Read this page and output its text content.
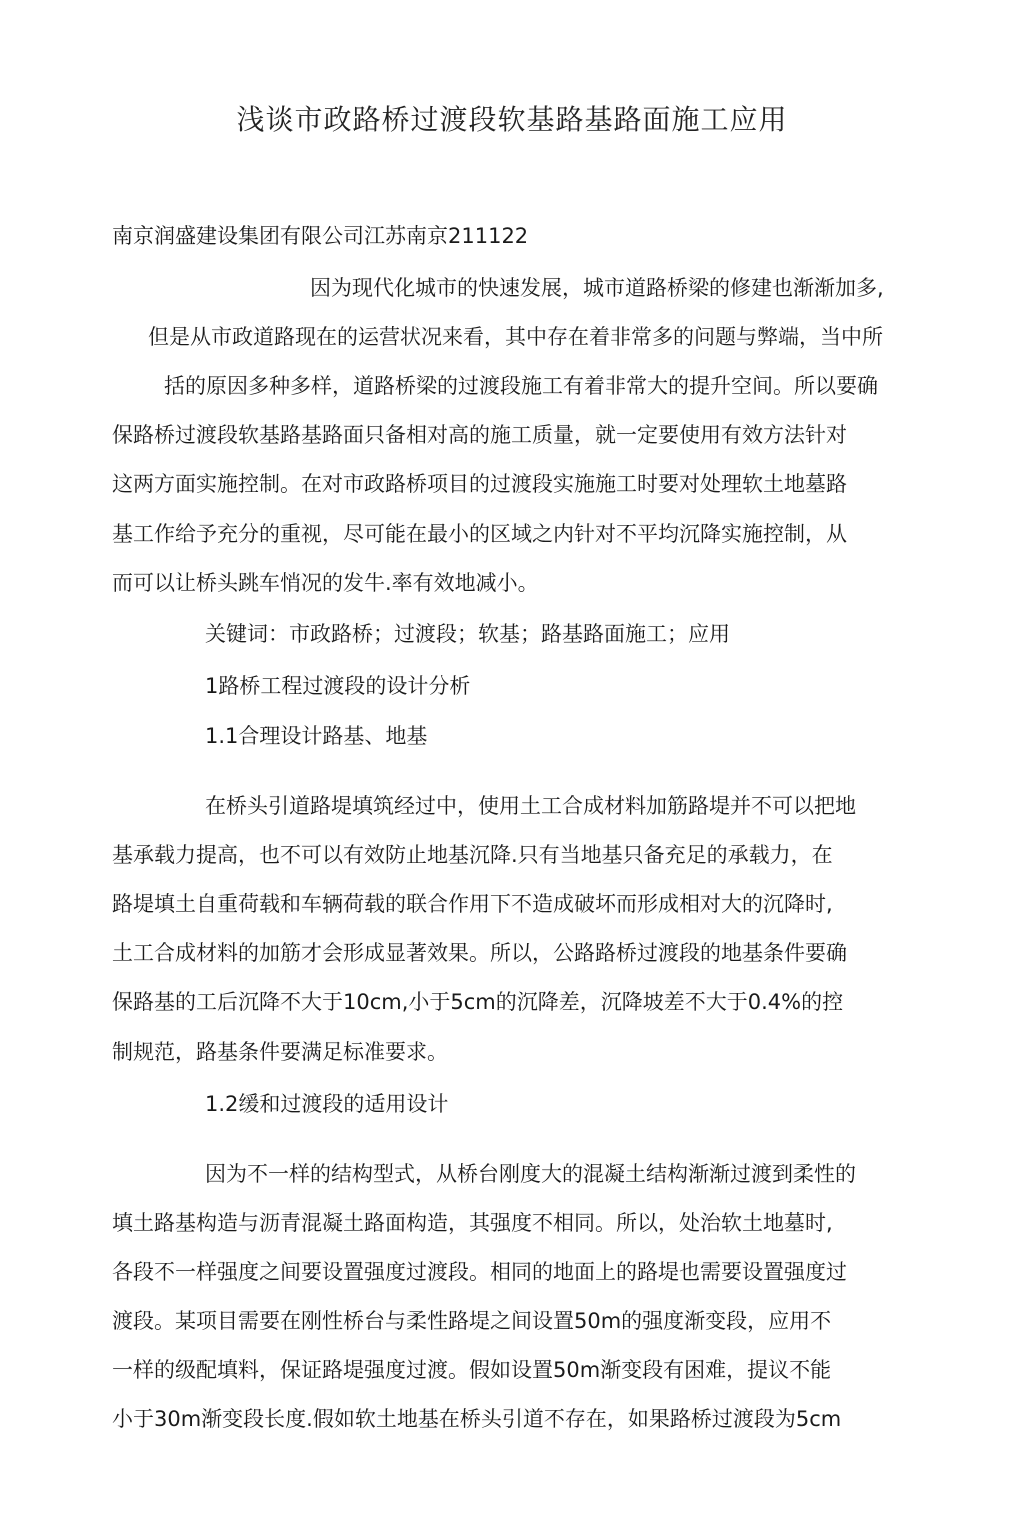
浅谈市政路桥过渡段软基路基路面施工应用
南京润盛建设集团有限公司江苏南京211122
因为现代化城市的快速发展，城市道路桥梁的修建也渐渐加多,
但是从市政道路现在的运营状况来看，其中存在着非常多的问题与弊端，当中所
括的原因多种多样，道路桥梁的过渡段施工有着非常大的提升空间。所以要确
保路桥过渡段软基路基路面只备相对高的施工质量，就一定要使用有效方法针对
这两方面实施控制。在对市政路桥项目的过渡段实施施工时要对处理软土地墓路
基工作给予充分的重视，尽可能在最小的区域之内针对不平均沉降实施控制，从
而可以让桥头跳车悄况的发牛.率有效地减小。
关键词：市政路桥；过渡段；软基；路基路面施工；应用
1路桥工程过渡段的设计分析
1.1合理设计路基、地基
在桥头引道路堤填筑经过中，使用土工合成材料加筋路堤并不可以把地
基承载力提高，也不可以有效防止地基沉降.只有当地基只备充足的承载力，在
路堤填土自重荷载和车辆荷载的联合作用下不造成破坏而形成相对大的沉降时,
土工合成材料的加筋才会形成显著效果。所以，公路路桥过渡段的地基条件要确
保路基的工后沉降不大于10cm,小于5cm的沉降差，沉降坡差不大于0.4%的控
制规范，路基条件要满足标准要求。
1.2缓和过渡段的适用设计
因为不一样的结构型式，从桥台刚度大的混凝土结构渐渐过渡到柔性的
填土路基构造与沥青混凝土路面构造，其强度不相同。所以，处治软土地墓时,
各段不一样强度之间要设置强度过渡段。相同的地面上的路堤也需要设置强度过
渡段。某项目需要在刚性桥台与柔性路堤之间设置50m的强度渐变段，应用不
一样的级配填料，保证路堤强度过渡。假如设置50m渐变段有困难，提议不能
小于30m渐变段长度.假如软土地基在桥头引道不存在，如果路桥过渡段为5cm
